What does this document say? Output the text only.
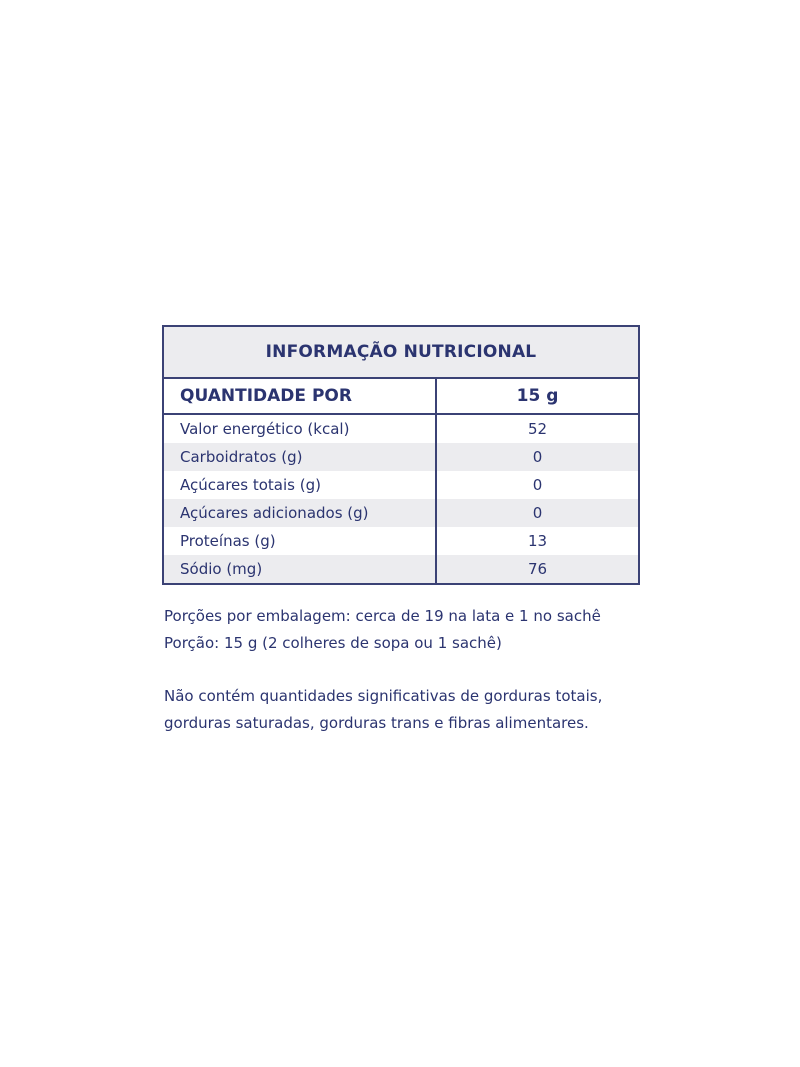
INFORMAÇÃO NUTRICIONAL
QUANTIDADE POR	15 g
Valor energético (kcal)	52
Carboidratos (g)	0
Açúcares totais (g)	0
Açúcares adicionados (g)	0
Proteínas (g)	13
Sódio (mg)	76

Porções por embalagem: cerca de 19 na lata e 1 no sachê

Porção: 15 g (2 colheres de sopa ou 1 sachê)

Não contém quantidades significativas de gorduras totais,

gorduras saturadas, gorduras trans e fibras alimentares.
